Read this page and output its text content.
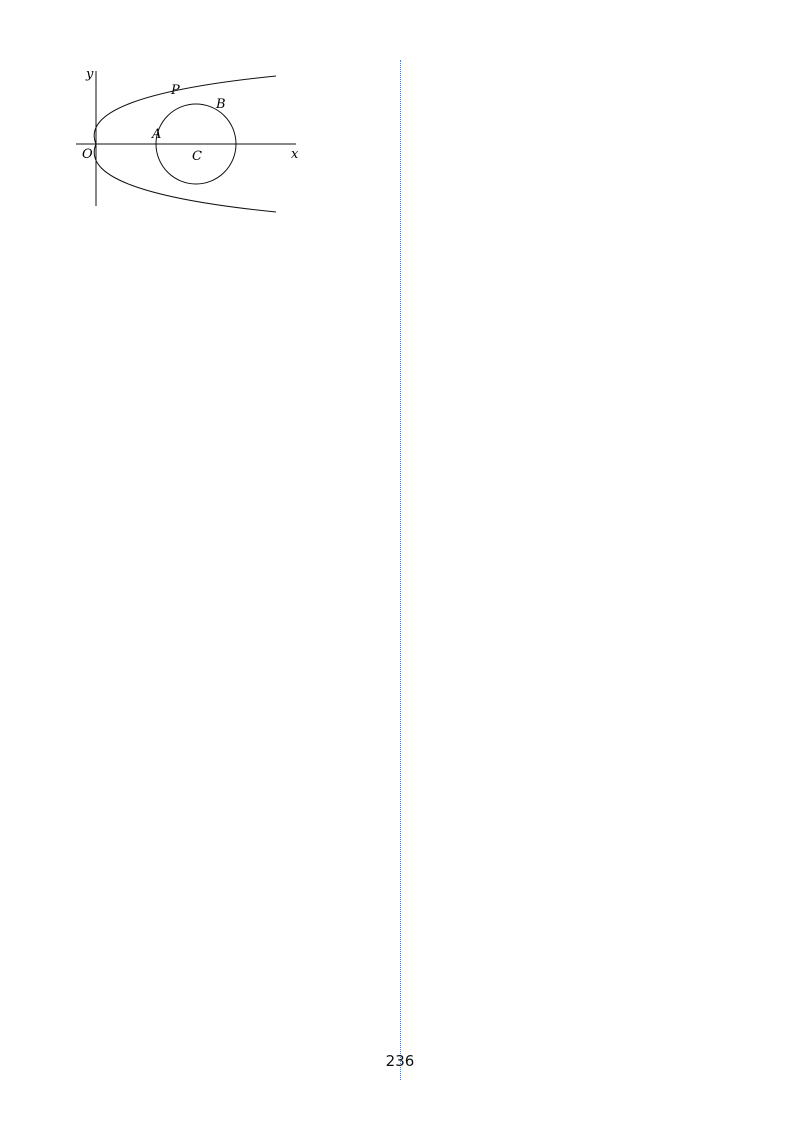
y
x
O	C
P
A
B
236
